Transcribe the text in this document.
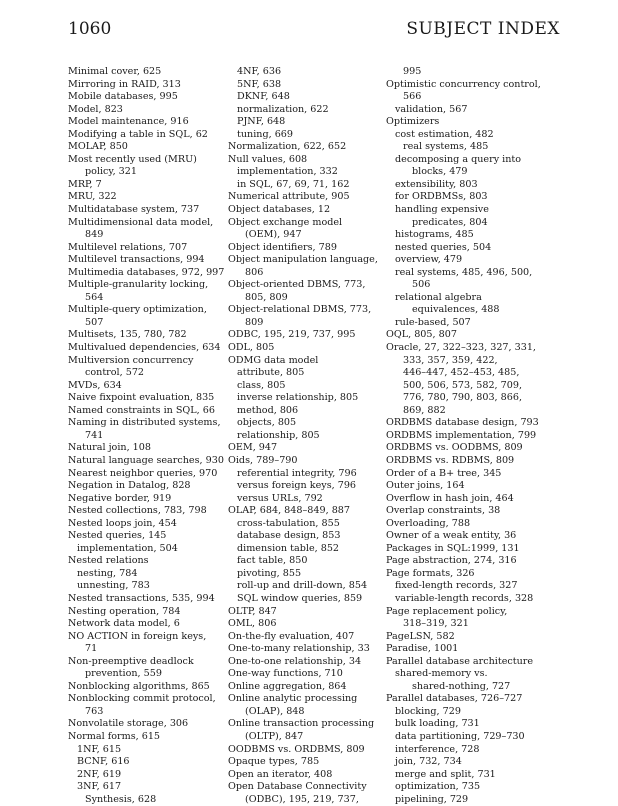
1060	SUBJECT INDEX
Minimal cover, 625
Mirroring in RAID, 313
Mobile databases, 995
Model, 823
Model maintenance, 916
Modifying a table in SQL, 62
MOLAP, 850
Most recently used (MRU)
policy, 321
MRP, 7
MRU, 322
Multidatabase system, 737
Multidimensional data model,
849
Multilevel relations, 707
Multilevel transactions, 994
Multimedia databases, 972, 997
Multiple-granularity locking,
564
Multiple-query optimization,
507
Multisets, 135, 780, 782
Multivalued dependencies, 634
Multiversion concurrency
control, 572
MVDs, 634
Naive fixpoint evaluation, 835
Named constraints in SQL, 66
Naming in distributed systems,
741
Natural join, 108
Natural language searches, 930
Nearest neighbor queries, 970
Negation in Datalog, 828
Negative border, 919
Nested collections, 783, 798
Nested loops join, 454
Nested queries, 145
implementation, 504
Nested relations
nesting, 784
unnesting, 783
Nested transactions, 535, 994
Nesting operation, 784
Network data model, 6
NO ACTION in foreign keys,
71
Non-preemptive deadlock
prevention, 559
Nonblocking algorithms, 865
Nonblocking commit protocol,
763
Nonvolatile storage, 306
Normal forms, 615
1NF, 615
BCNF, 616
2NF, 619
3NF, 617
Synthesis, 628
4NF, 636
5NF, 638
DKNF, 648
normalization, 622
PJNF, 648
tuning, 669
Normalization, 622, 652
Null values, 608
implementation, 332
in SQL, 67, 69, 71, 162
Numerical attribute, 905
Object databases, 12
Object exchange model
(OEM), 947
Object identifiers, 789
Object manipulation language,
806
Object-oriented DBMS, 773,
805, 809
Object-relational DBMS, 773,
809
ODBC, 195, 219, 737, 995
ODL, 805
ODMG data model
attribute, 805
class, 805
inverse relationship, 805
method, 806
objects, 805
relationship, 805
OEM, 947
Oids, 789–790
referential integrity, 796
versus foreign keys, 796
versus URLs, 792
OLAP, 684, 848–849, 887
cross-tabulation, 855
database design, 853
dimension table, 852
fact table, 850
pivoting, 855
roll-up and drill-down, 854
SQL window queries, 859
OLTP, 847
OML, 806
On-the-fly evaluation, 407
One-to-many relationship, 33
One-to-one relationship, 34
One-way functions, 710
Online aggregation, 864
Online analytic processing
(OLAP), 848
Online transaction processing
(OLTP), 847
OODBMS vs. ORDBMS, 809
Opaque types, 785
Open an iterator, 408
Open Database Connectivity
(ODBC), 195, 219, 737,
995
Optimistic concurrency control,
566
validation, 567
Optimizers
cost estimation, 482
real systems, 485
decomposing a query into
blocks, 479
extensibility, 803
for ORDBMSs, 803
handling expensive
predicates, 804
histograms, 485
nested queries, 504
overview, 479
real systems, 485, 496, 500,
506
relational algebra
equivalences, 488
rule-based, 507
OQL, 805, 807
Oracle, 27, 322–323, 327, 331,
333, 357, 359, 422,
446–447, 452–453, 485,
500, 506, 573, 582, 709,
776, 780, 790, 803, 866,
869, 882
ORDBMS database design, 793
ORDBMS implementation, 799
ORDBMS vs. OODBMS, 809
ORDBMS vs. RDBMS, 809
Order of a B+ tree, 345
Outer joins, 164
Overflow in hash join, 464
Overlap constraints, 38
Overloading, 788
Owner of a weak entity, 36
Packages in SQL:1999, 131
Page abstraction, 274, 316
Page formats, 326
fixed-length records, 327
variable-length records, 328
Page replacement policy,
318–319, 321
PageLSN, 582
Paradise, 1001
Parallel database architecture
shared-memory vs.
shared-nothing, 727
Parallel databases, 726–727
blocking, 729
bulk loading, 731
data partitioning, 729–730
interference, 728
join, 732, 734
merge and split, 731
optimization, 735
pipelining, 729
